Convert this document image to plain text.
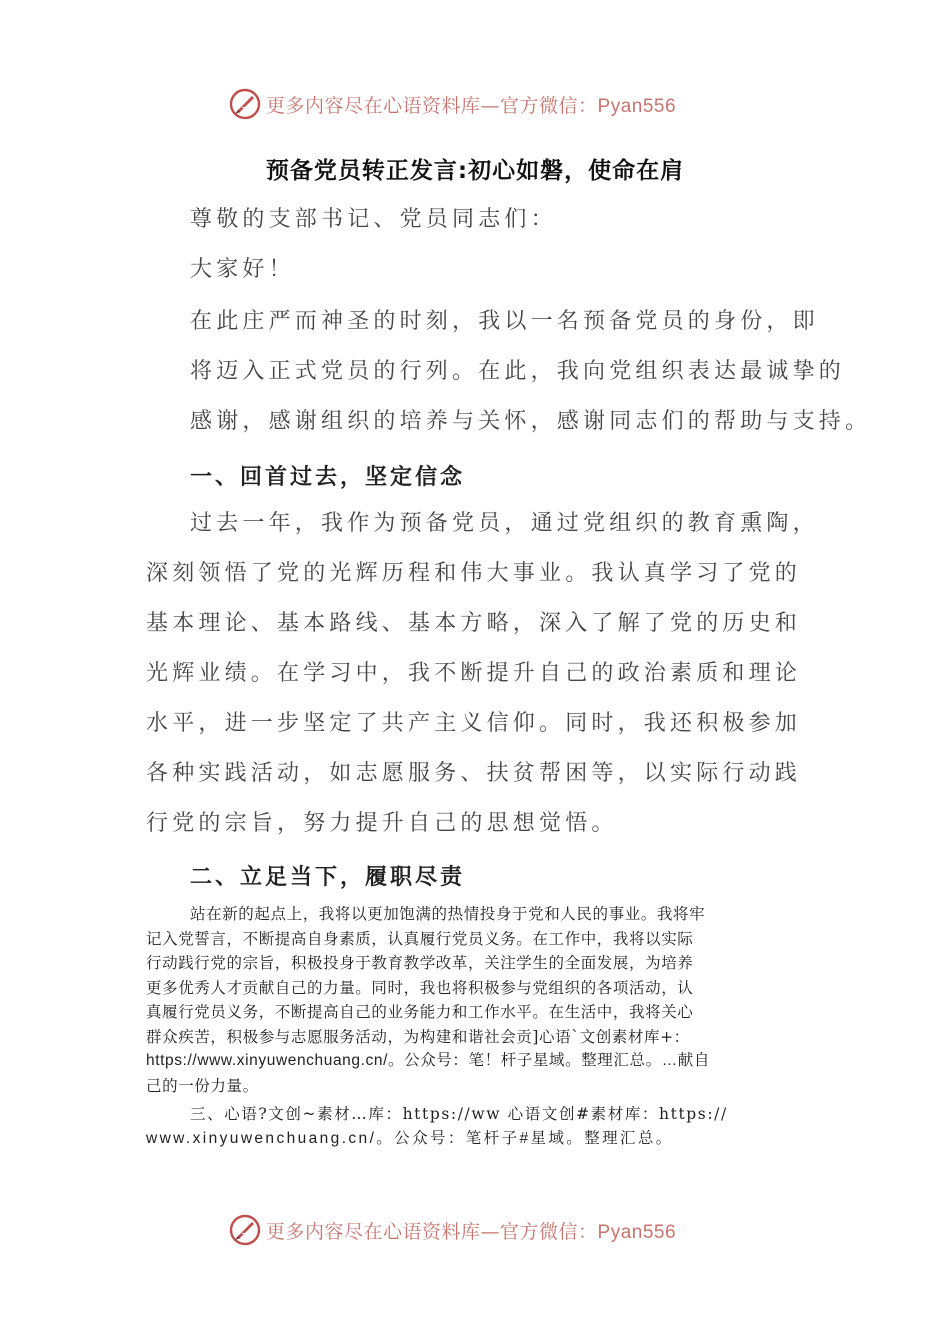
更多内容尽在心语资料库—官方微信：Pyan556
预备党员转正发言:初心如磐，使命在肩

尊敬的支部书记、党员同志们：

大家好！

在此庄严而神圣的时刻，我以一名预备党员的身份，即
将迈入正式党员的行列。在此，我向党组织表达最诚挚的
感谢，感谢组织的培养与关怀，感谢同志们的帮助与支持。

一、回首过去，坚定信念

过去一年，我作为预备党员，通过党组织的教育熏陶，
深刻领悟了党的光辉历程和伟大事业。我认真学习了党的
基本理论、基本路线、基本方略，深入了解了党的历史和
光辉业绩。在学习中，我不断提升自己的政治素质和理论
水平，进一步坚定了共产主义信仰。同时，我还积极参加
各种实践活动，如志愿服务、扶贫帮困等，以实际行动践
行党的宗旨，努力提升自己的思想觉悟。

二、立足当下，履职尽责

站在新的起点上，我将以更加饱满的热情投身于党和人民的事业。我将牢
记入党誓言，不断提高自身素质，认真履行党员义务。在工作中，我将以实际
行动践行党的宗旨，积极投身于教育教学改革，关注学生的全面发展，为培养
更多优秀人才贡献自己的力量。同时，我也将积极参与党组织的各项活动，认
真履行党员义务，不断提高自己的业务能力和工作水平。在生活中，我将关心
群众疾苦，积极参与志愿服务活动，为构建和谐社会贡]心语`文创素材库+：
https://www.xinyuwenchuang.cn/。公众号：笔！杆子星域。整理汇总。…献自
己的一份力量。

三、心语?文创~素材…库：https://ww 心语文创#素材库：https://
www.xinyuwenchuang.cn/。公众号：笔杆子#星域。整理汇总。

更多内容尽在心语资料库—官方微信：Pyan556
